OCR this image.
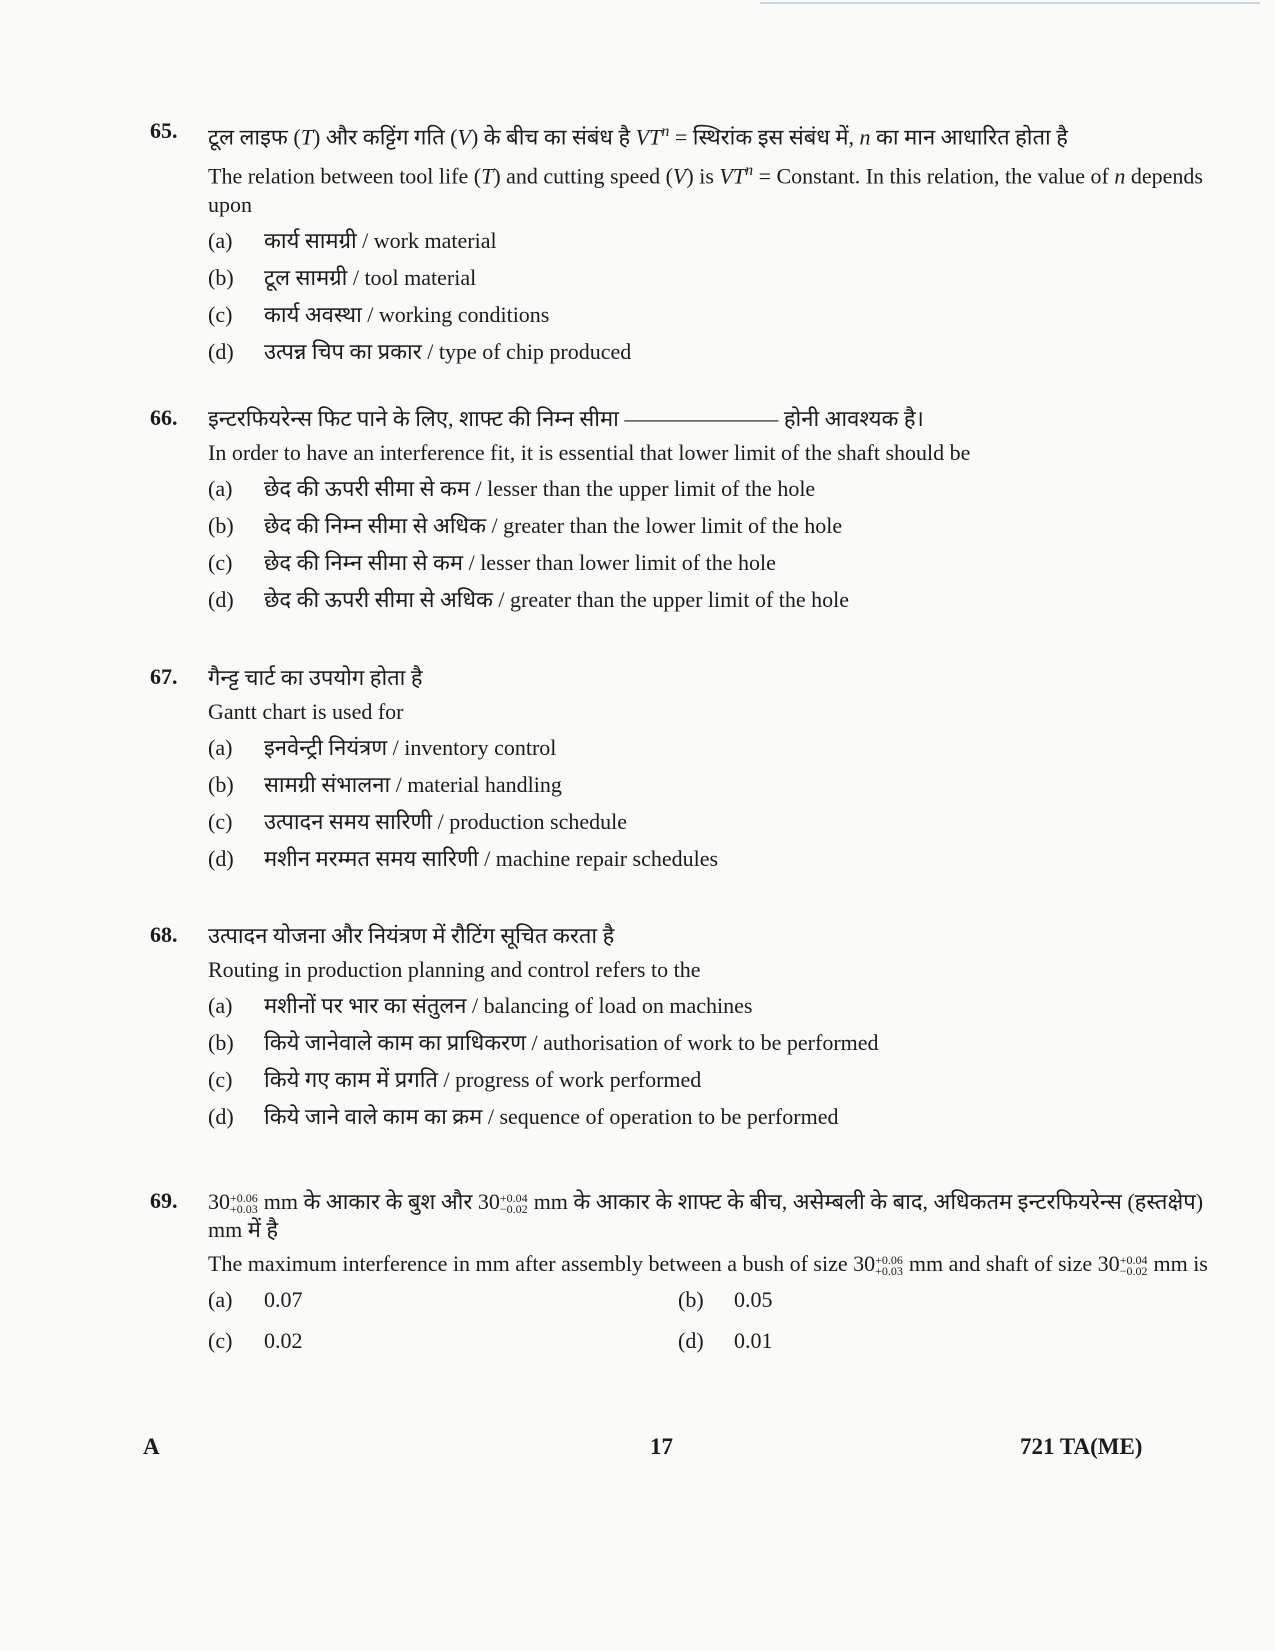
65. टूल लाइफ (T) और कट्टिंग गति (V) के बीच का संबंध है $VT^n$ = स्थिरांक इस संबंध में, n का मान आधारित होता है
The relation between tool life (T) and cutting speed (V) is $VT^n$ = Constant. In this relation, the value of n depends upon
(a)	कार्य सामग्री / work material
(b)	टूल सामग्री / tool material
(c)	कार्य अवस्था / working conditions
(d)	उत्पन्न चिप का प्रकार / type of chip produced
66. इन्टरफियरेन्स फिट पाने के लिए, शाफ्ट की निम्न सीमा ——————— होनी आवश्यक है।
In order to have an interference fit, it is essential that lower limit of the shaft should be
(a)	छेद की ऊपरी सीमा से कम / lesser than the upper limit of the hole
(b)	छेद की निम्न सीमा से अधिक / greater than the lower limit of the hole
(c)	छेद की निम्न सीमा से कम / lesser than lower limit of the hole
(d)	छेद की ऊपरी सीमा से अधिक / greater than the upper limit of the hole
67. गैन्ट्ट चार्ट का उपयोग होता है
Gantt chart is used for
(a)	इनवेन्ट्री नियंत्रण / inventory control
(b)	सामग्री संभालना / material handling
(c)	उत्पादन समय सारिणी / production schedule
(d)	मशीन मरम्मत समय सारिणी / machine repair schedules
68. उत्पादन योजना और नियंत्रण में रौटिंग सूचित करता है
Routing in production planning and control refers to the
(a)	मशीनों पर भार का संतुलन / balancing of load on machines
(b)	किये जानेवाले काम का प्राधिकरण / authorisation of work to be performed
(c)	किये गए काम में प्रगति / progress of work performed
(d)	किये जाने वाले काम का क्रम / sequence of operation to be performed
69. 30 +0.06
+0.03 mm के आकार के बुश और 30 +0.04
−0.02 mm के आकार के शाफ्ट के बीच, असेम्बली के बाद, अधिकतम इन्टरफियरेन्स (हस्तक्षेप) mm में है
The maximum interference in mm after assembly between a bush of size 30 +0.06
+0.03 mm and shaft of size 30 +0.04
−0.02 mm is
(a)	0.07	(b)	0.05
(c)	0.02	(d)	0.01
A	17	721 TA(ME)
